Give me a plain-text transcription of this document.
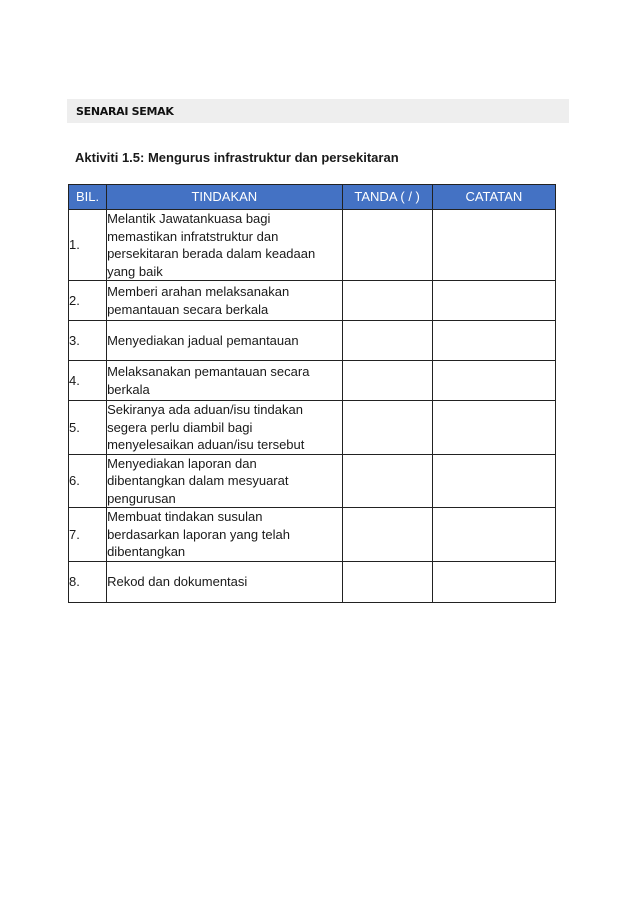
SENARAI SEMAK
Aktiviti 1.5: Mengurus infrastruktur dan persekitaran
BIL.	TINDAKAN	TANDA ( / )	CATATAN
1.	Melantik Jawatankuasa bagi
memastikan infratstruktur dan
persekitaran berada dalam keadaan
yang baik		

2.	Memberi arahan melaksanakan
pemantauan secara berkala		

3.	Menyediakan jadual pemantauan		

4.	Melaksanakan pemantauan secara
berkala		

5.	Sekiranya ada aduan/isu tindakan
segera perlu diambil bagi
menyelesaikan aduan/isu tersebut		

6.	Menyediakan laporan dan
dibentangkan dalam mesyuarat
pengurusan		

7.	Membuat tindakan susulan
berdasarkan laporan yang telah
dibentangkan		

8.	Rekod dan dokumentasi		
